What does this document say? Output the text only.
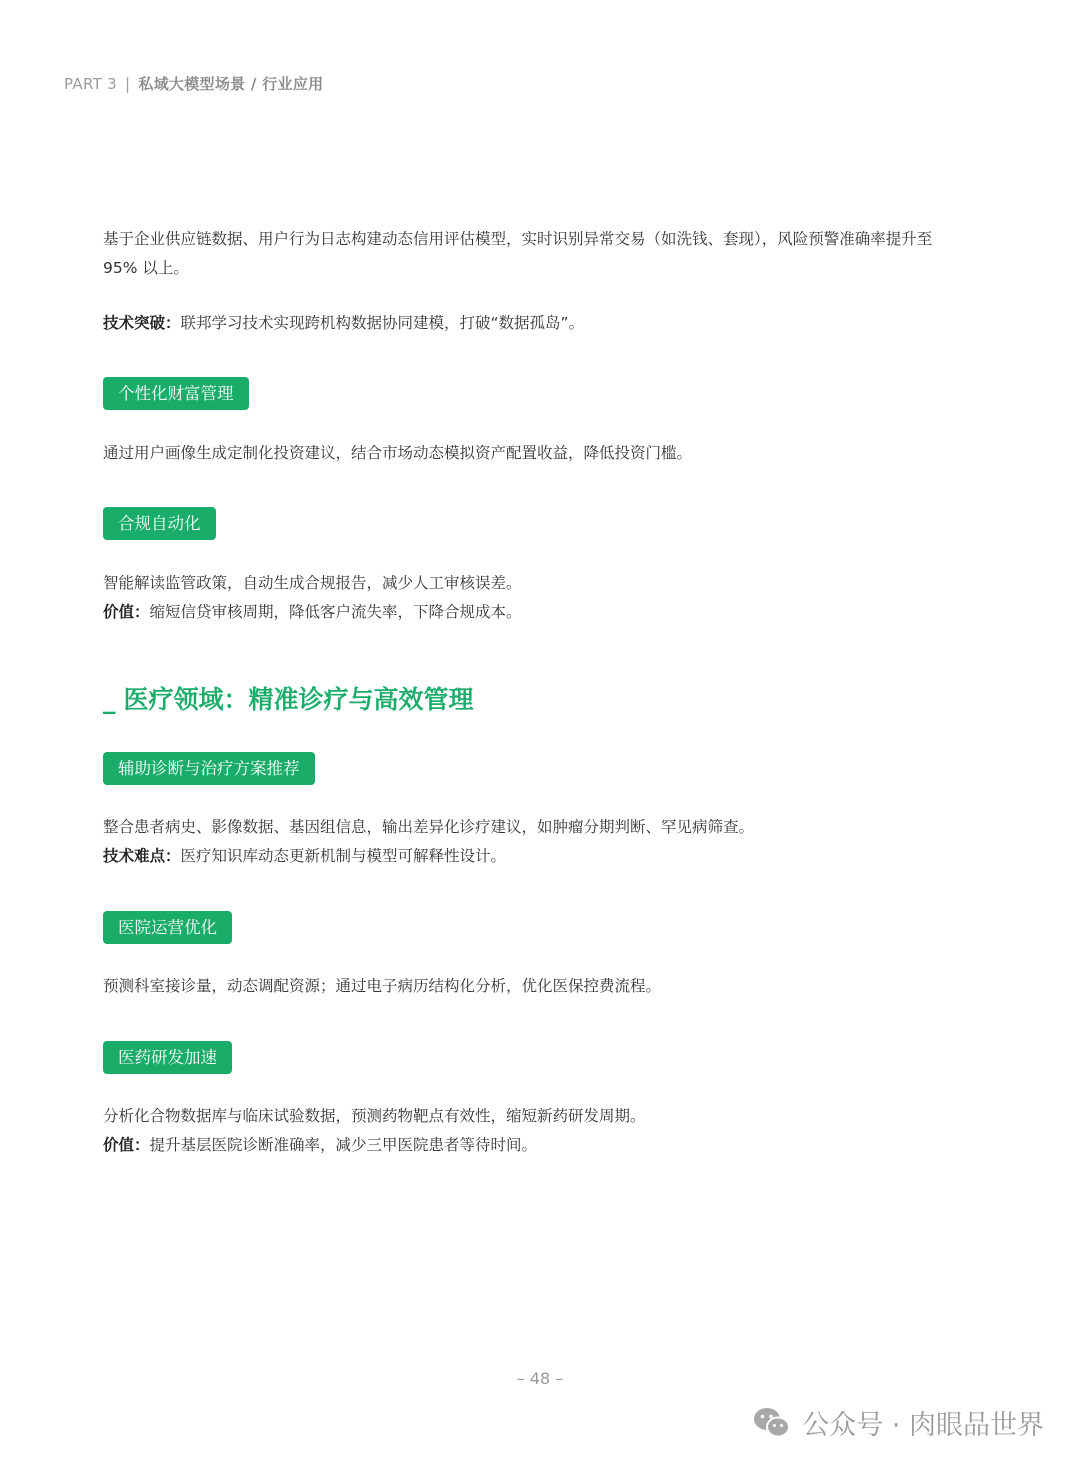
PART 3 | 私域大模型场景 / 行业应用

基于企业供应链数据、用户行为日志构建动态信用评估模型，实时识别异常交易（如洗钱、套现），风险预警准确率提升至 95% 以上。

技术突破：联邦学习技术实现跨机构数据协同建模，打破“数据孤岛”。

个性化财富管理

通过用户画像生成定制化投资建议，结合市场动态模拟资产配置收益，降低投资门槛。

合规自动化

智能解读监管政策，自动生成合规报告，减少人工审核误差。

价值：缩短信贷审核周期，降低客户流失率，下降合规成本。

_ 医疗领域：精准诊疗与高效管理
辅助诊断与治疗方案推荐

整合患者病史、影像数据、基因组信息，输出差异化诊疗建议，如肿瘤分期判断、罕见病筛查。

技术难点：医疗知识库动态更新机制与模型可解释性设计。

医院运营优化

预测科室接诊量，动态调配资源；通过电子病历结构化分析，优化医保控费流程。

医药研发加速

分析化合物数据库与临床试验数据，预测药物靶点有效性，缩短新药研发周期。

价值：提升基层医院诊断准确率，减少三甲医院患者等待时间。

– 48 –
公众号 · 肉眼品世界
